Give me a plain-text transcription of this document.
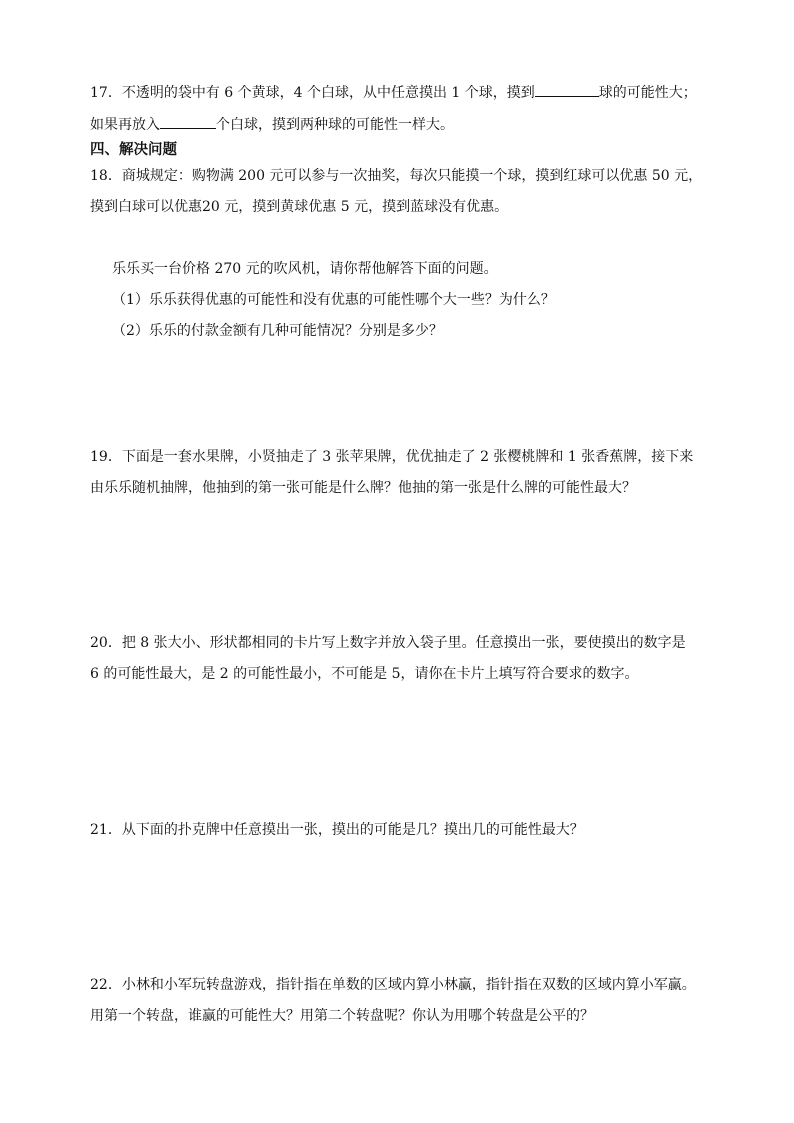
17．不透明的袋中有 6 个黄球，4 个白球，从中任意摸出 1 个球，摸到	球的可能性大；
如果再放入	个白球，摸到两种球的可能性一样大。
四、解决问题
18．商城规定：购物满 200 元可以参与一次抽奖，每次只能摸一个球，摸到红球可以优惠 50 元，
摸到白球可以优惠20 元，摸到黄球优惠 5 元，摸到蓝球没有优惠。
乐乐买一台价格 270 元的吹风机，请你帮他解答下面的问题。
（1）乐乐获得优惠的可能性和没有优惠的可能性哪个大一些？为什么？
（2）乐乐的付款金额有几种可能情况？分别是多少？
19．下面是一套水果牌，小贤抽走了 3 张苹果牌，优优抽走了 2 张樱桃牌和 1 张香蕉牌，接下来
由乐乐随机抽牌，他抽到的第一张可能是什么牌？他抽的第一张是什么牌的可能性最大？
20．把 8 张大小、形状都相同的卡片写上数字并放入袋子里。任意摸出一张，要使摸出的数字是
6 的可能性最大，是 2 的可能性最小，不可能是 5，请你在卡片上填写符合要求的数字。
21．从下面的扑克牌中任意摸出一张，摸出的可能是几？摸出几的可能性最大？
22．小林和小军玩转盘游戏，指针指在单数的区域内算小林赢，指针指在双数的区域内算小军赢。
用第一个转盘，谁赢的可能性大？用第二个转盘呢？你认为用哪个转盘是公平的？
